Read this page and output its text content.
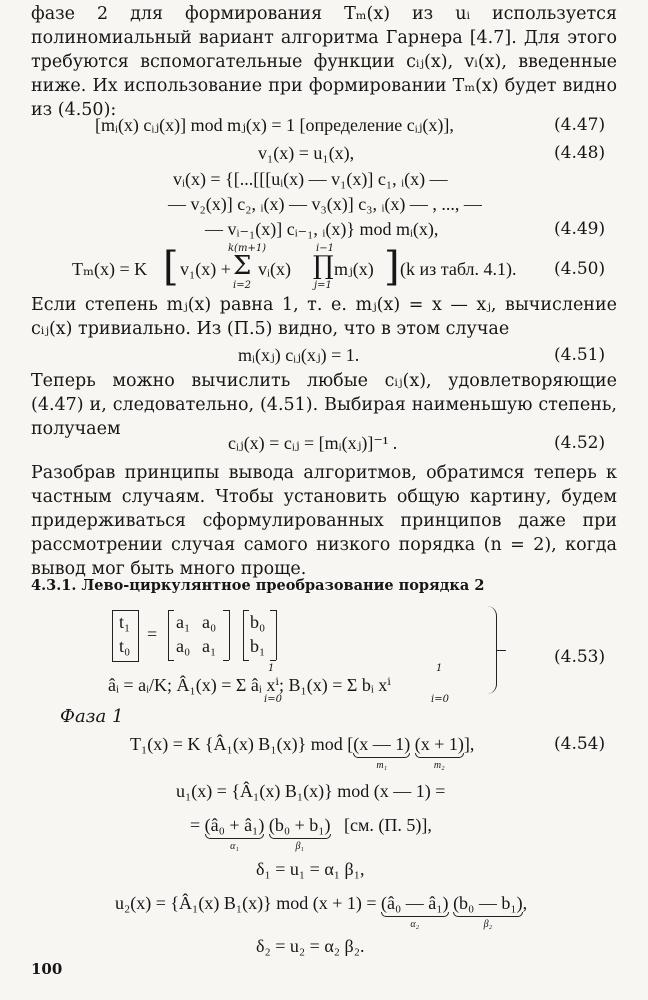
фазе 2 для формирования Tₘ(x) из uᵢ используется полиномиальный вариант алгоритма Гарнера [4.7]. Для этого требуются вспомогательные функции cᵢⱼ(x), vᵢ(x), введенные ниже. Их использование при формировании Tₘ(x) будет видно из (4.50):
[mᵢ(x) cᵢⱼ(x)] mod mⱼ(x) = 1 [определение cᵢⱼ(x)],	(4.47)
v₁(x) = u₁(x),	(4.48)
vᵢ(x) = {[...[[[uᵢ(x) — v₁(x)] c₁, ᵢ(x) —
— v₂(x)] c₂, ᵢ(x) — v₃(x)] c₃, ᵢ(x) — , ..., —
— vᵢ₋₁(x)] cᵢ₋₁, ᵢ(x)} mod mᵢ(x),	(4.49)
Tₘ(x) = K [ v₁(x) +
k(m+1)
Σ
i=2
vᵢ(x)
i−1
∏
j=1
mⱼ(x) ] (k из табл. 4.1). (4.50)
Если степень mⱼ(x) равна 1, т. е. mⱼ(x) = x — xⱼ, вычисление cᵢⱼ(x) тривиально. Из (П.5) видно, что в этом случае
mᵢ(xⱼ) cᵢⱼ(xⱼ) = 1.	(4.51)
Теперь можно вычислить любые cᵢⱼ(x), удовлетворяющие (4.47) и, следовательно, (4.51). Выбирая наименьшую степень, получаем
cᵢⱼ(x) = cᵢⱼ = [mᵢ(xⱼ)]⁻¹ .	(4.52)
Разобрав принципы вывода алгоритмов, обратимся теперь к частным случаям. Чтобы установить общую картину, будем придерживаться сформулированных принципов даже при рассмотрении случая самого низкого порядка (n = 2), когда вывод мог быть много проще.
4.3.1. Лево-циркулянтное преобразование порядка 2
t₁
t₀
=
a₁ a₀
a₀ a₁
b₀
b₁
âᵢ = aᵢ/K; Â₁(x) = Σ âᵢ xⁱ; B₁(x) = Σ bᵢ xⁱ
1
i=0
1
i=0
(4.53)
Фаза 1
T₁(x) = K {Â₁(x) B₁(x)} mod [(x — 1)
m₁
(x + 1)
m₂
],	(4.54)
u₁(x) = {Â₁(x) B₁(x)} mod (x — 1) =
= (â₀ + â₁)
α₁
(b₀ + b₁)
β₁
[см. (П. 5)],
δ₁ = u₁ = α₁ β₁,
u₂(x) = {Â₁(x) B₁(x)} mod (x + 1) = (â₀ — â₁)
α₂
(b₀ — b₁)
β₂
,
δ₂ = u₂ = α₂ β₂.
100
